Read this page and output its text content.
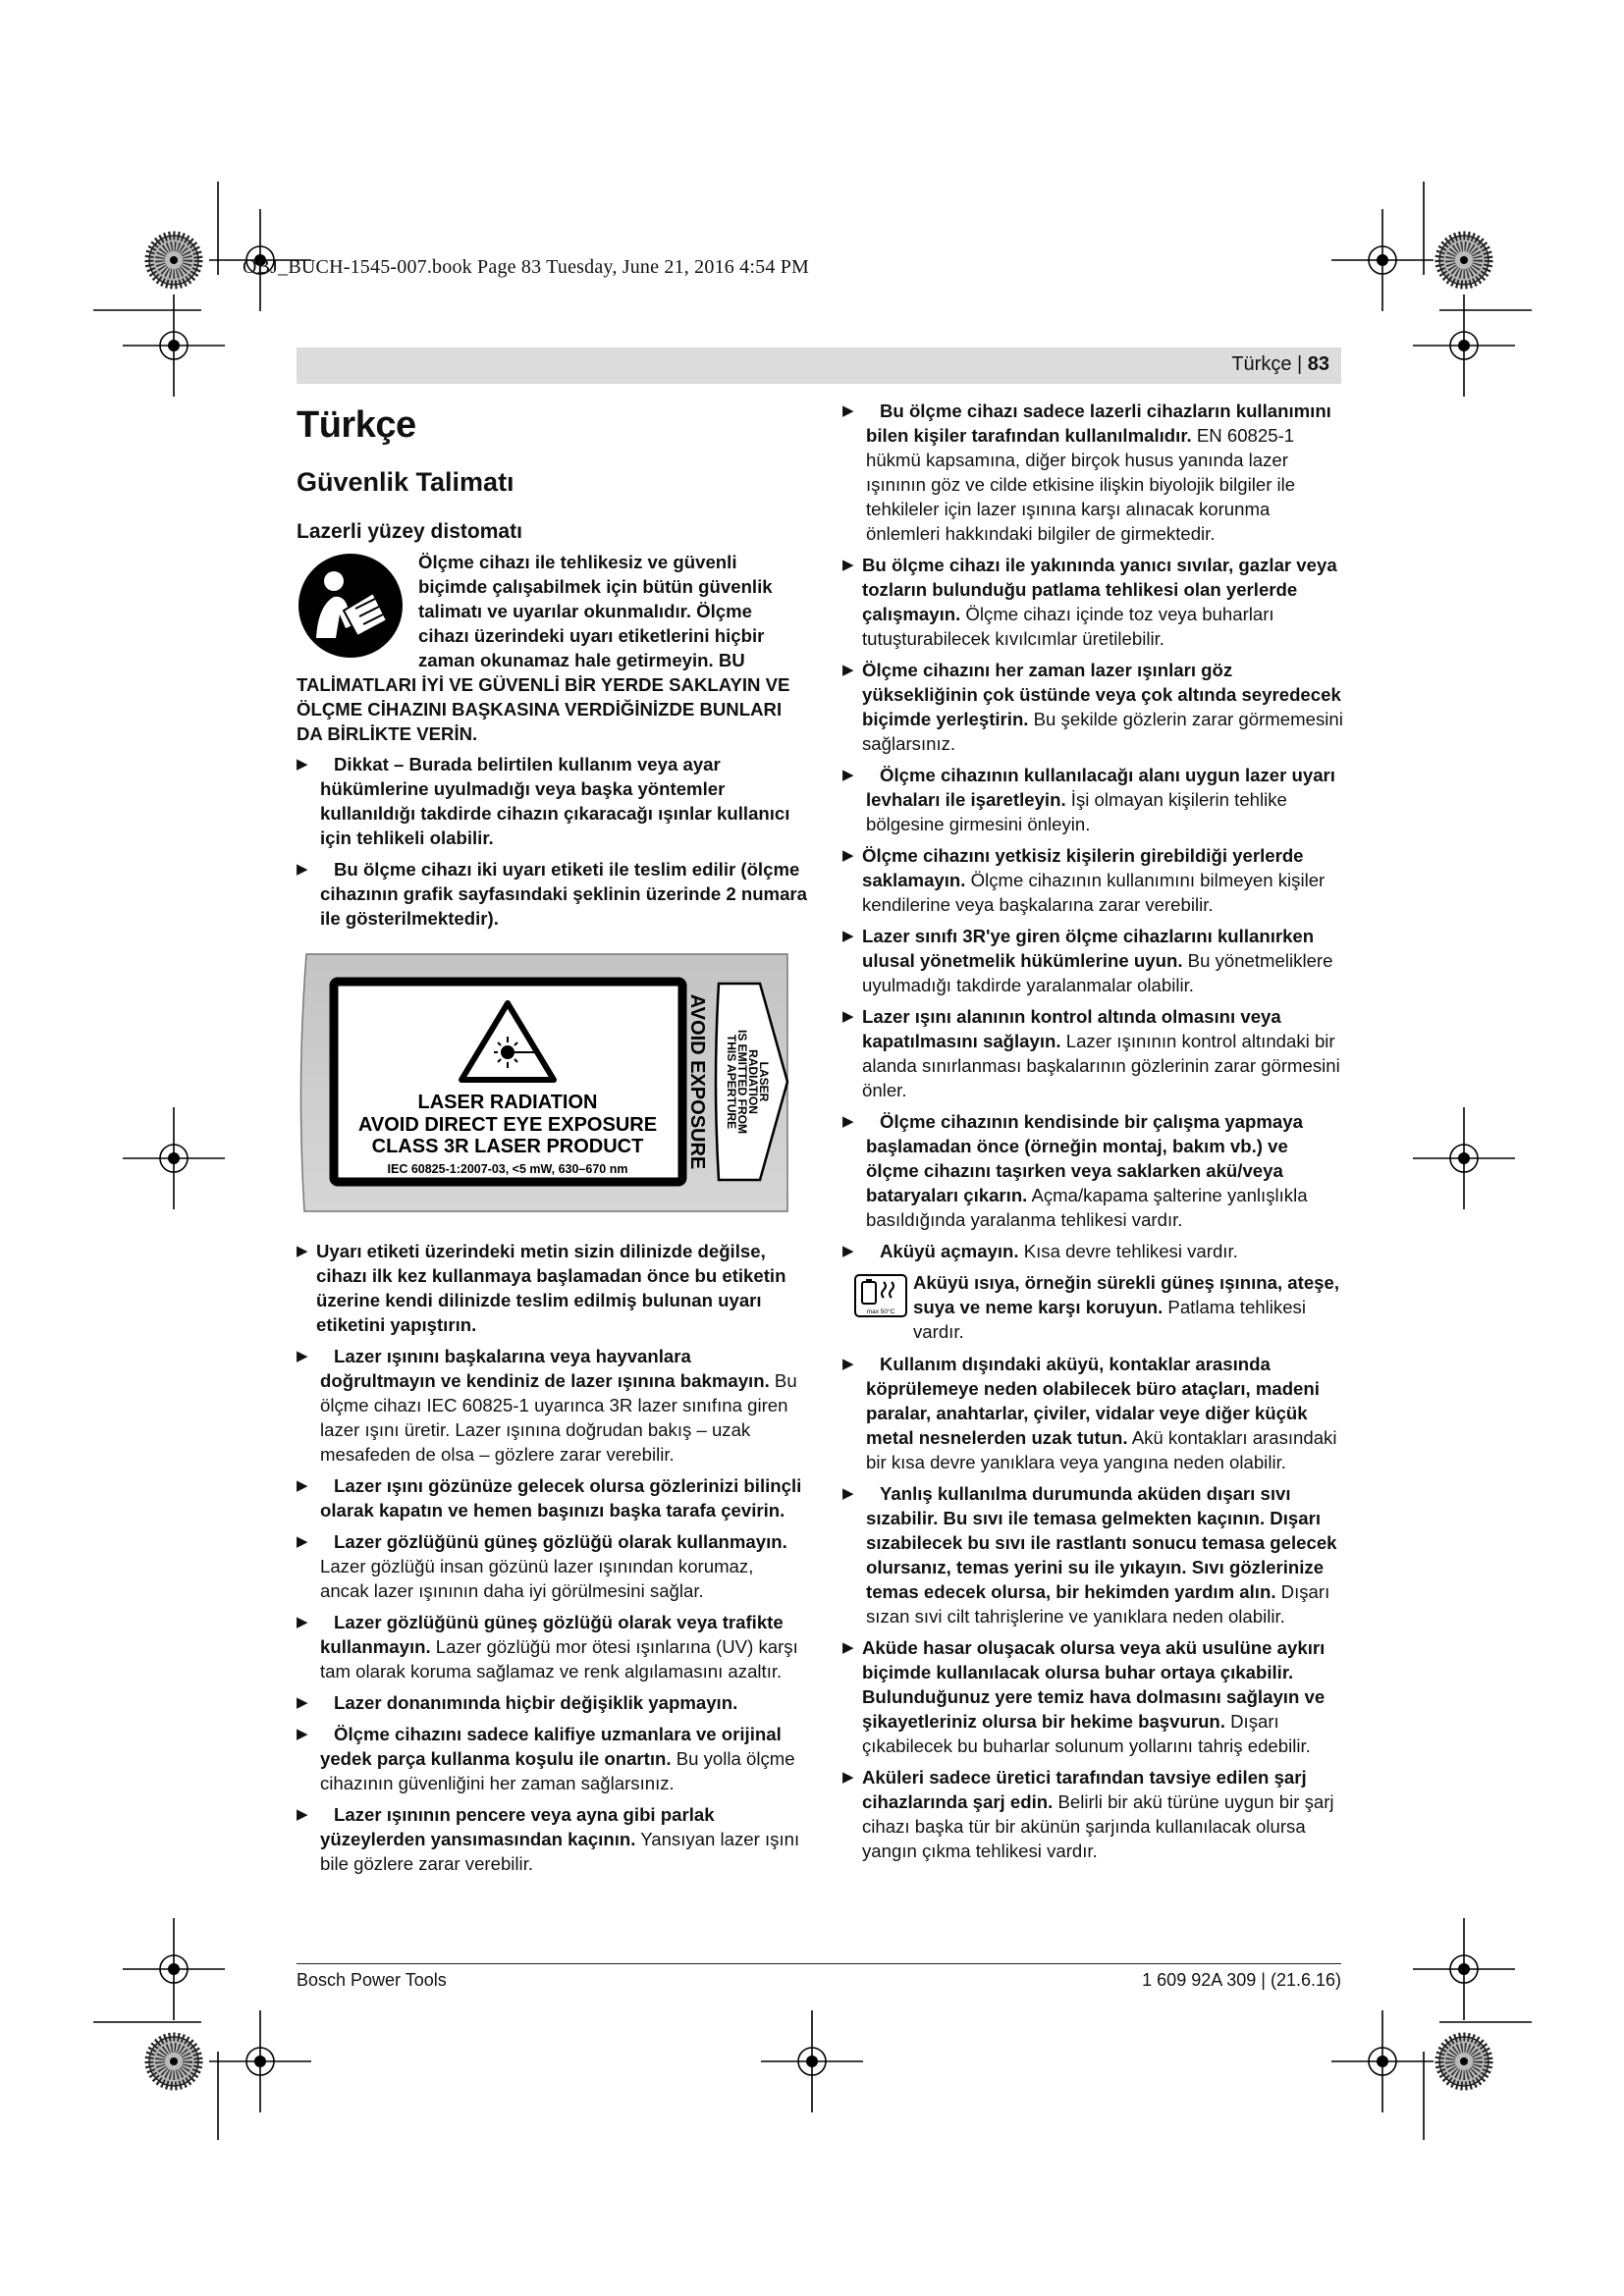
OBJ_BUCH-1545-007.book Page 83 Tuesday, June 21, 2016 4:54 PM
Türkçe | 83
Türkçe
Güvenlik Talimatı
Lazerli yüzey distomatı

Ölçme cihazı ile tehlikesiz ve güvenli biçimde çalışabilmek için bütün güvenlik talimatı ve uyarılar okunmalıdır. Ölçme cihazı üzerindeki uyarı etiketlerini hiçbir zaman okunamaz hale getirmeyin. BU TALİMATLARI İYİ VE GÜVENLİ BİR YERDE SAKLAYIN VE ÖLÇME CİHAZINI BAŞKASINA VERDİĞİNİZDE BUNLARI DA BİRLİKTE VERİN.

▶ Dikkat – Burada belirtilen kullanım veya ayar hükümlerine uyulmadığı veya başka yöntemler kullanıldığı takdirde cihazın çıkaracağı ışınlar kullanıcı için tehlikeli olabilir.
▶ Bu ölçme cihazı iki uyarı etiketi ile teslim edilir (ölçme cihazının grafik sayfasındaki şeklinin üzerinde 2 numara ile gösterilmektedir).
LASER RADIATION
AVOID DIRECT EYE EXPOSURE
CLASS 3R LASER PRODUCT
IEC 60825-1:2007-03, <5 mW, 630–670 nm	AVOID EXPOSURE	LASER
RADIATION
IS EMITTED FROM
THIS APERTURE
▶ Uyarı etiketi üzerindeki metin sizin dilinizde değilse, cihazı ilk kez kullanmaya başlamadan önce bu etiketin üzerine kendi dilinizde teslim edilmiş bulunan uyarı etiketini yapıştırın.
▶ Lazer ışınını başkalarına veya hayvanlara doğrultmayın ve kendiniz de lazer ışınına bakmayın. Bu ölçme cihazı IEC 60825-1 uyarınca 3R lazer sınıfına giren lazer ışını üretir. Lazer ışınına doğrudan bakış – uzak mesafeden de olsa – gözlere zarar verebilir.
▶ Lazer ışını gözünüze gelecek olursa gözlerinizi bilinçli olarak kapatın ve hemen başınızı başka tarafa çevirin.
▶ Lazer gözlüğünü güneş gözlüğü olarak kullanmayın. Lazer gözlüğü insan gözünü lazer ışınından korumaz, ancak lazer ışınının daha iyi görülmesini sağlar.
▶ Lazer gözlüğünü güneş gözlüğü olarak veya trafikte kullanmayın. Lazer gözlüğü mor ötesi ışınlarına (UV) karşı tam olarak koruma sağlamaz ve renk algılamasını azaltır.
▶ Lazer donanımında hiçbir değişiklik yapmayın.
▶ Ölçme cihazını sadece kalifiye uzmanlara ve orijinal yedek parça kullanma koşulu ile onartın. Bu yolla ölçme cihazının güvenliğini her zaman sağlarsınız.
▶ Lazer ışınının pencere veya ayna gibi parlak yüzeylerden yansımasından kaçının. Yansıyan lazer ışını bile gözlere zarar verebilir.
▶ Bu ölçme cihazı sadece lazerli cihazların kullanımını bilen kişiler tarafından kullanılmalıdır. EN 60825-1 hükmü kapsamına, diğer birçok husus yanında lazer ışınının göz ve cilde etkisine ilişkin biyolojik bilgiler ile tehkileler için lazer ışınına karşı alınacak korunma önlemleri hakkındaki bilgiler de girmektedir.
▶ Bu ölçme cihazı ile yakınında yanıcı sıvılar, gazlar veya tozların bulunduğu patlama tehlikesi olan yerlerde çalışmayın. Ölçme cihazı içinde toz veya buharları tutuşturabilecek kıvılcımlar üretilebilir.
▶ Ölçme cihazını her zaman lazer ışınları göz yüksekliğinin çok üstünde veya çok altında seyredecek biçimde yerleştirin. Bu şekilde gözlerin zarar görmemesini sağlarsınız.
▶ Ölçme cihazının kullanılacağı alanı uygun lazer uyarı levhaları ile işaretleyin. İşi olmayan kişilerin tehlike bölgesine girmesini önleyin.
▶ Ölçme cihazını yetkisiz kişilerin girebildiği yerlerde saklamayın. Ölçme cihazının kullanımını bilmeyen kişiler kendilerine veya başkalarına zarar verebilir.
▶ Lazer sınıfı 3R'ye giren ölçme cihazlarını kullanırken ulusal yönetmelik hükümlerine uyun. Bu yönetmeliklere uyulmadığı takdirde yaralanmalar olabilir.
▶ Lazer ışını alanının kontrol altında olmasını veya kapatılmasını sağlayın. Lazer ışınının kontrol altındaki bir alanda sınırlanması başkalarının gözlerinin zarar görmesini önler.
▶ Ölçme cihazının kendisinde bir çalışma yapmaya başlamadan önce (örneğin montaj, bakım vb.) ve ölçme cihazını taşırken veya saklarken akü/veya bataryaları çıkarın. Açma/kapama şalterine yanlışlıkla basıldığında yaralanma tehlikesi vardır.
▶ Aküyü açmayın. Kısa devre tehlikesi vardır.
max 50°C
Aküyü ısıya, örneğin sürekli güneş ışınına, ateşe, suya ve neme karşı koruyun. Patlama tehlikesi vardır.
▶ Kullanım dışındaki aküyü, kontaklar arasında köprülemeye neden olabilecek büro ataçları, madeni paralar, anahtarlar, çiviler, vidalar veye diğer küçük metal nesnelerden uzak tutun. Akü kontakları arasındaki bir kısa devre yanıklara veya yangına neden olabilir.
▶ Yanlış kullanılma durumunda aküden dışarı sıvı sızabilir. Bu sıvı ile temasa gelmekten kaçının. Dışarı sızabilecek bu sıvı ile rastlantı sonucu temasa gelecek olursanız, temas yerini su ile yıkayın. Sıvı gözlerinize temas edecek olursa, bir hekimden yardım alın. Dışarı sızan sıvi cilt tahrişlerine ve yanıklara neden olabilir.
▶ Aküde hasar oluşacak olursa veya akü usulüne aykırı biçimde kullanılacak olursa buhar ortaya çıkabilir. Bulunduğunuz yere temiz hava dolmasını sağlayın ve şikayetleriniz olursa bir hekime başvurun. Dışarı çıkabilecek bu buharlar solunum yollarını tahriş edebilir.
▶ Aküleri sadece üretici tarafından tavsiye edilen şarj cihazlarında şarj edin. Belirli bir akü türüne uygun bir şarj cihazı başka tür bir akünün şarjında kullanılacak olursa yangın çıkma tehlikesi vardır.
Bosch Power Tools	1 609 92A 309 | (21.6.16)
